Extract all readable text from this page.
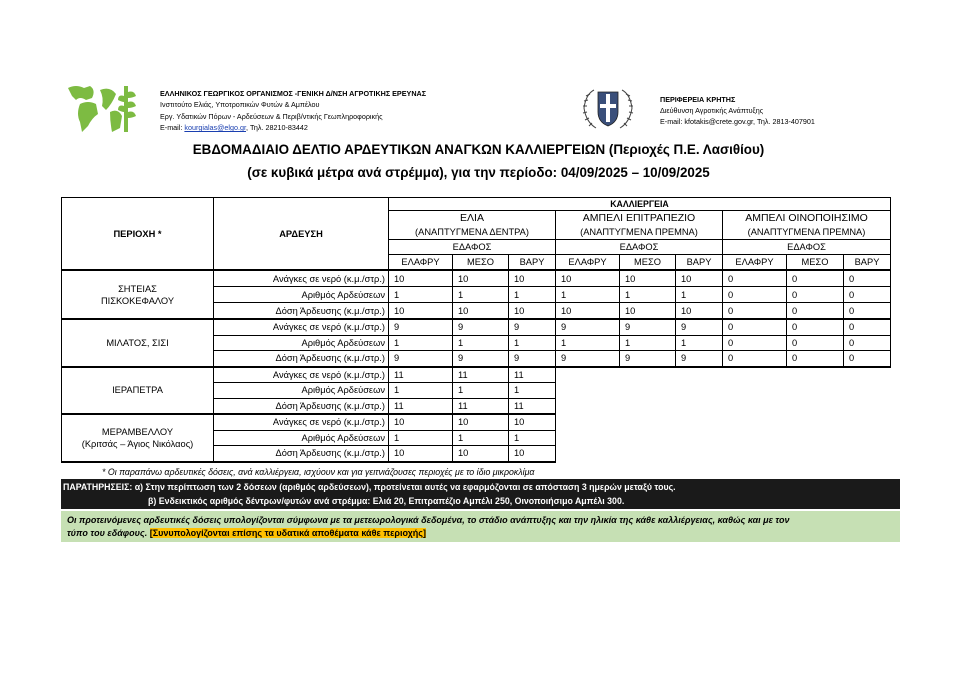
ΕΛΛΗΝΙΚΟΣ ΓΕΩΡΓΙΚΟΣ ΟΡΓΑΝΙΣΜΟΣ -ΓΕΝΙΚΗ Δ/ΝΣΗ ΑΓΡΟΤΙΚΗΣ ΕΡΕΥΝΑΣ
Ινστιτούτο Ελιάς, Υποτροπικών Φυτών & Αμπέλου
Εργ. Υδατικών Πόρων - Αρδεύσεων & Περιβ/ντικής Γεωπληροφορικής
E-mail: kourgialas@elgo.gr, Τηλ. 28210-83442
ΠΕΡΙΦΕΡΕΙΑ ΚΡΗΤΗΣ
Διεύθυνση Αγροτικής Ανάπτυξης
E-mail: kfotakis@crete.gov.gr, Τηλ. 2813-407901
ΕΒΔΟΜΑΔΙΑΙΟ ΔΕΛΤΙΟ ΑΡΔΕΥΤΙΚΩΝ ΑΝΑΓΚΩΝ ΚΑΛΛΙΕΡΓΕΙΩΝ (Περιοχές Π.Ε. Λασιθίου)
(σε κυβικά μέτρα ανά στρέμμα), για την περίοδο: 04/09/2025 – 10/09/2025
ΠΕΡΙΟΧΗ *	ΑΡΔΕΥΣΗ	ΚΑΛΛΙΕΡΓΕΙΑ								
		ΕΛΙΑ			ΑΜΠΕΛΙ ΕΠΙΤΡΑΠΕΖΙΟ			ΑΜΠΕΛΙ ΟΙΝΟΠΟΙΗΣΙΜΟ		
		(ΑΝΑΠΤΥΓΜΕΝΑ ΔΕΝΤΡΑ)			(ΑΝΑΠΤΥΓΜΕΝΑ ΠΡΕΜΝΑ)			(ΑΝΑΠΤΥΓΜΕΝΑ ΠΡΕΜΝΑ)		
		ΕΔΑΦΟΣ			ΕΔΑΦΟΣ			ΕΔΑΦΟΣ		
		ΕΛΑΦΡΥ	ΜΕΣΟ	ΒΑΡΥ	ΕΛΑΦΡΥ	ΜΕΣΟ	ΒΑΡΥ	ΕΛΑΦΡΥ	ΜΕΣΟ	ΒΑΡΥ

ΣΗΤΕΙΑΣ
ΠΙΣΚΟΚΕΦΑΛΟΥ	Ανάγκες σε νερό (κ.μ./στρ.)	10	10	10	10	10	10	0	0	0
	Αριθμός Αρδεύσεων	1	1	1	1	1	1	0	0	0
	Δόση Άρδευσης (κ.μ./στρ.)	10	10	10	10	10	10	0	0	0

ΜΙΛΑΤΟΣ, ΣΙΣΙ	Ανάγκες σε νερό (κ.μ./στρ.)	9	9	9	9	9	9	0	0	0
	Αριθμός Αρδεύσεων	1	1	1	1	1	1	0	0	0
	Δόση Άρδευσης (κ.μ./στρ.)	9	9	9	9	9	9	0	0	0

ΙΕΡΑΠΕΤΡΑ	Ανάγκες σε νερό (κ.μ./στρ.)	11	11	11						
	Αριθμός Αρδεύσεων	1	1	1						
	Δόση Άρδευσης (κ.μ./στρ.)	11	11	11						

ΜΕΡΑΜΒΕΛΛΟΥ
(Κριτσάς – Άγιος Νικόλαος)	Ανάγκες σε νερό (κ.μ./στρ.)	10	10	10						
	Αριθμός Αρδεύσεων	1	1	1						
	Δόση Άρδευσης (κ.μ./στρ.)	10	10	10						
* Οι παραπάνω αρδευτικές δόσεις, ανά καλλιέργεια, ισχύουν και για γειτνιάζουσες περιοχές με το ίδιο μικροκλίμα
ΠΑΡΑΤΗΡΗΣΕΙΣ: α) Στην περίπτωση των 2 δόσεων (αριθμός αρδεύσεων), προτείνεται αυτές να εφαρμόζονται σε απόσταση 3 ημερών μεταξύ τους.
β) Ενδεικτικός αριθμός δέντρων/φυτών ανά στρέμμα: Ελιά 20, Επιτραπέζιο Αμπέλι 250, Οινοποιήσιμο Αμπέλι 300.
Οι προτεινόμενες αρδευτικές δόσεις υπολογίζονται σύμφωνα με τα μετεωρολογικά δεδομένα, το στάδιο ανάπτυξης και την ηλικία της κάθε καλλιέργειας, καθώς και με τον
τύπο του εδάφους. [Συνυπολογίζονται επίσης τα υδατικά αποθέματα κάθε περιοχής]
